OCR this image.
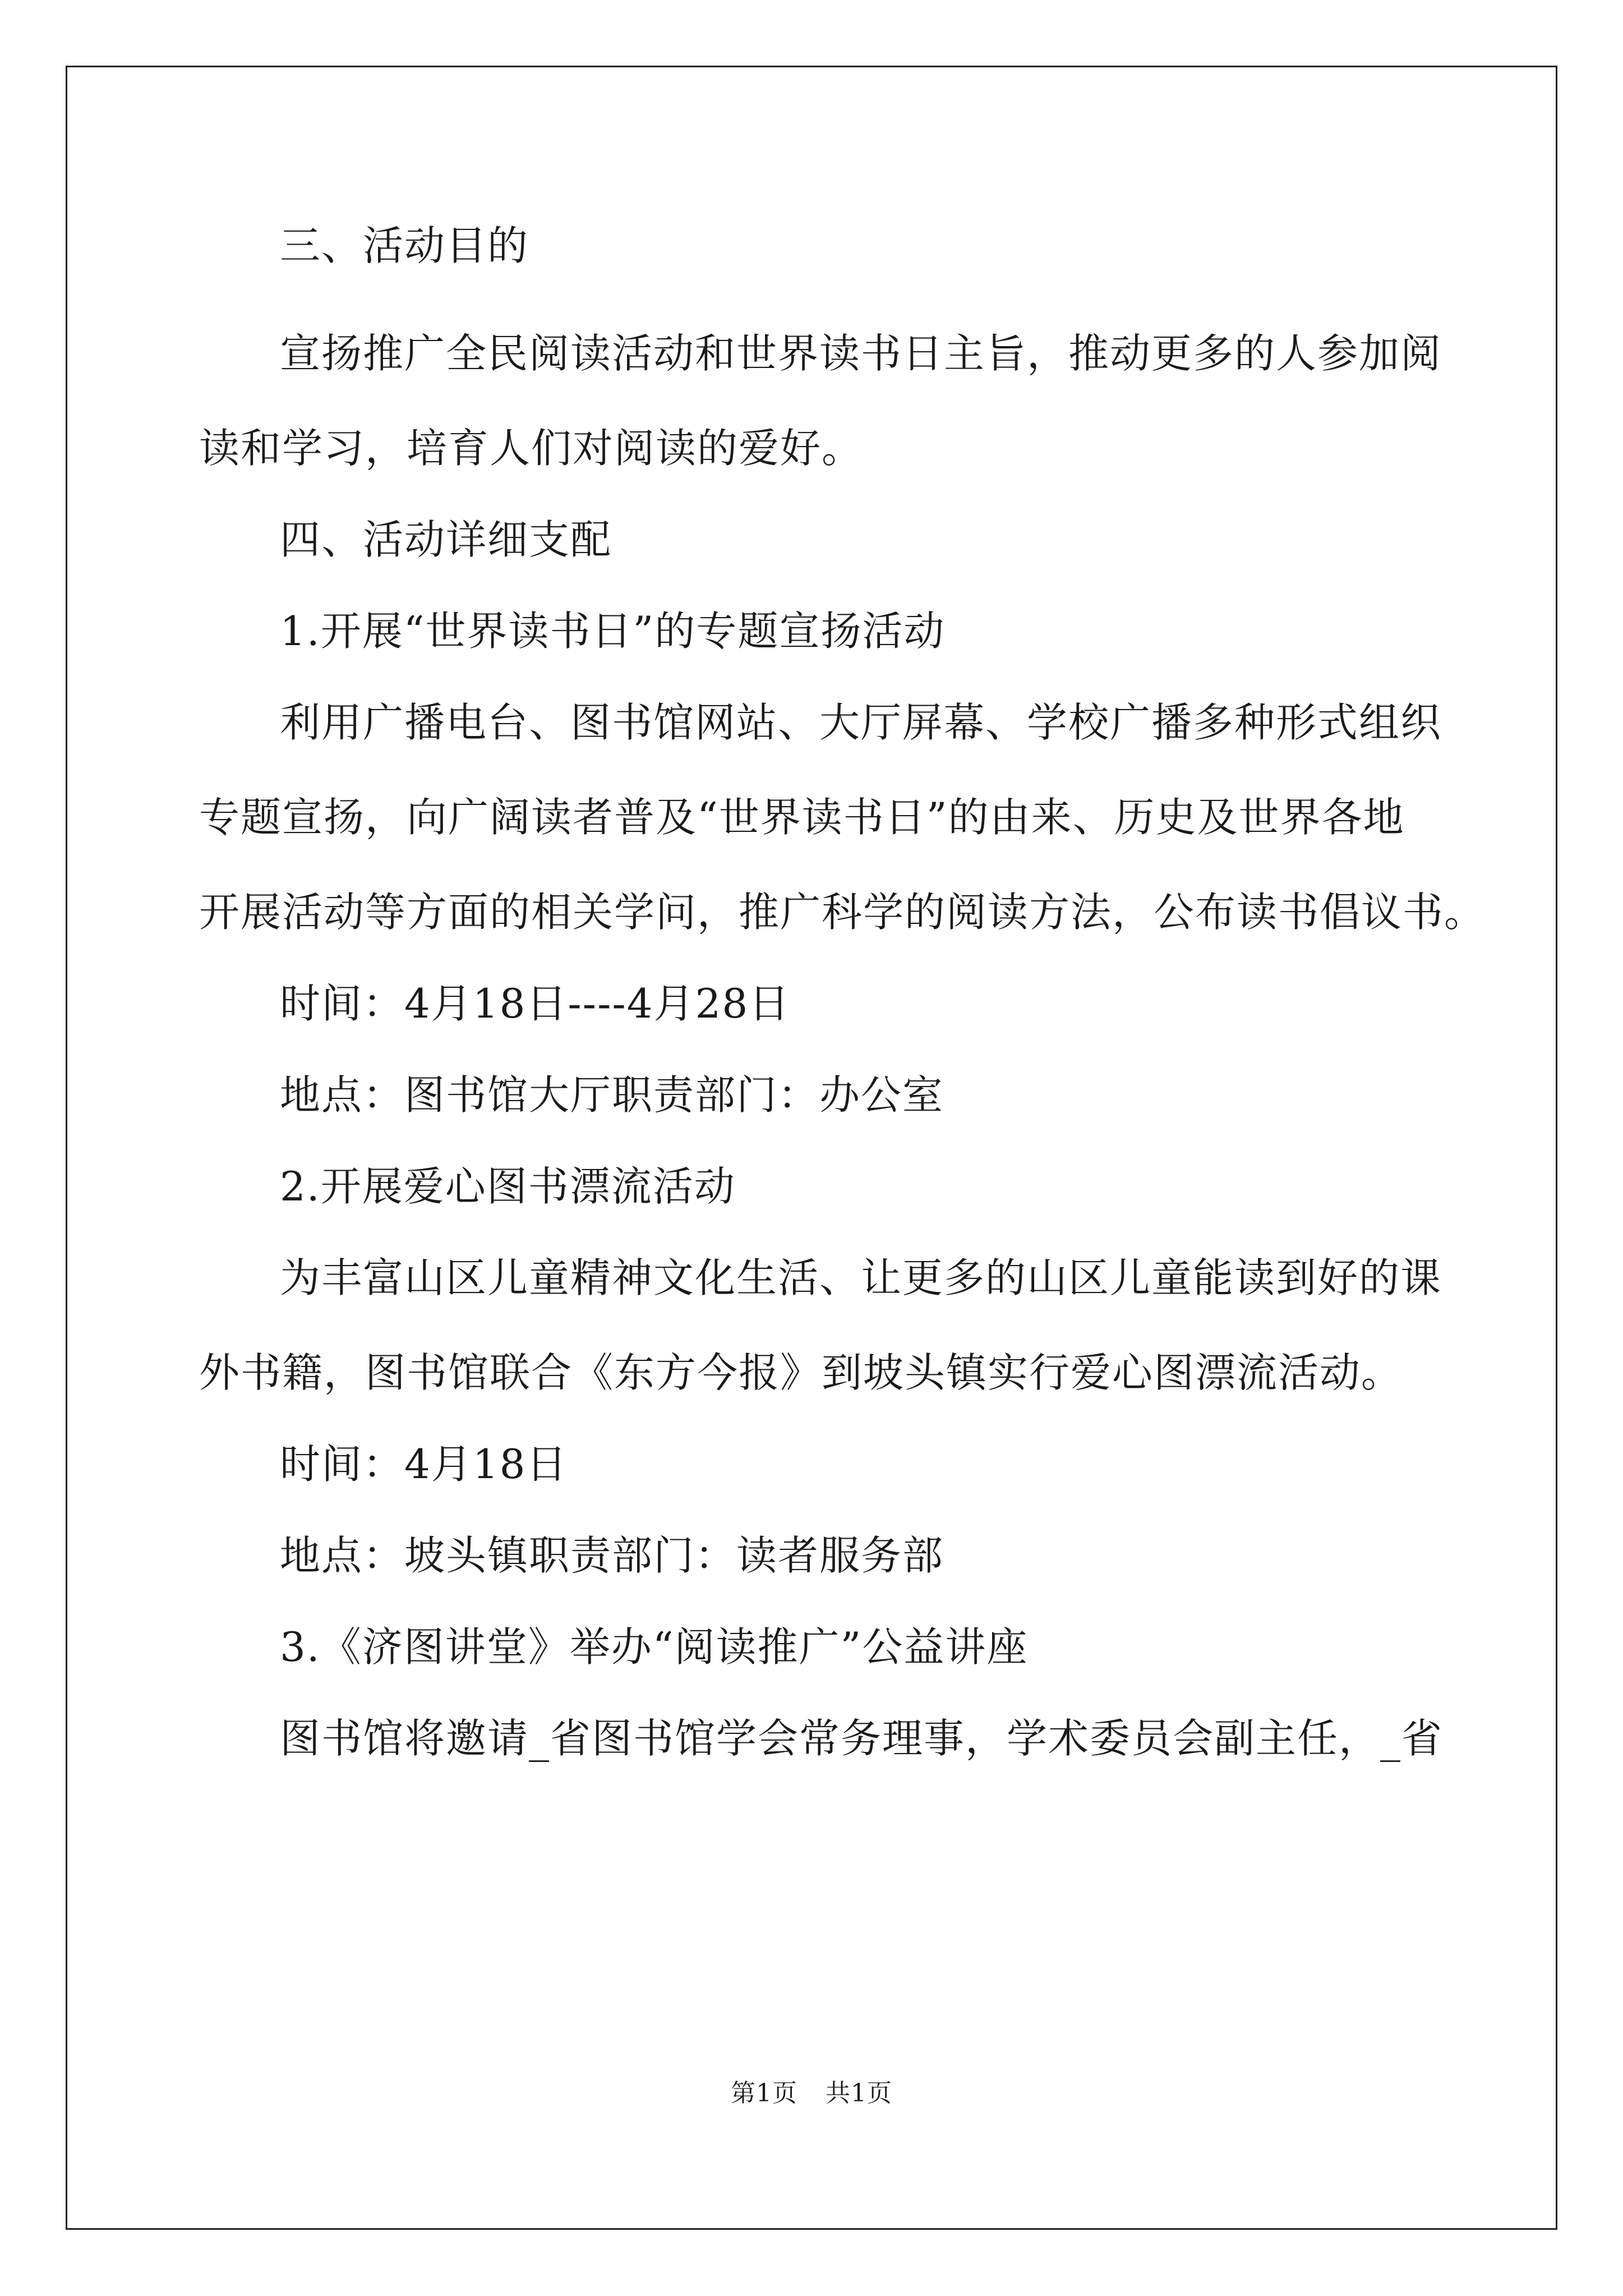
三、活动目的

宣扬推广全民阅读活动和世界读书日主旨，推动更多的人参加阅

读和学习，培育人们对阅读的爱好。

四、活动详细支配

1.开展“世界读书日”的专题宣扬活动

利用广播电台、图书馆网站、大厅屏幕、学校广播多种形式组织

专题宣扬，向广阔读者普及“世界读书日”的由来、历史及世界各地

开展活动等方面的相关学问，推广科学的阅读方法，公布读书倡议书。

时间：4月18日----4月28日

地点：图书馆大厅职责部门：办公室

2.开展爱心图书漂流活动

为丰富山区儿童精神文化生活、让更多的山区儿童能读到好的课

外书籍，图书馆联合《东方今报》到坡头镇实行爱心图漂流活动。

时间：4月18日

地点：坡头镇职责部门：读者服务部

3.《济图讲堂》举办“阅读推广”公益讲座

图书馆将邀请_省图书馆学会常务理事，学术委员会副主任，_省

第1页 共1页
